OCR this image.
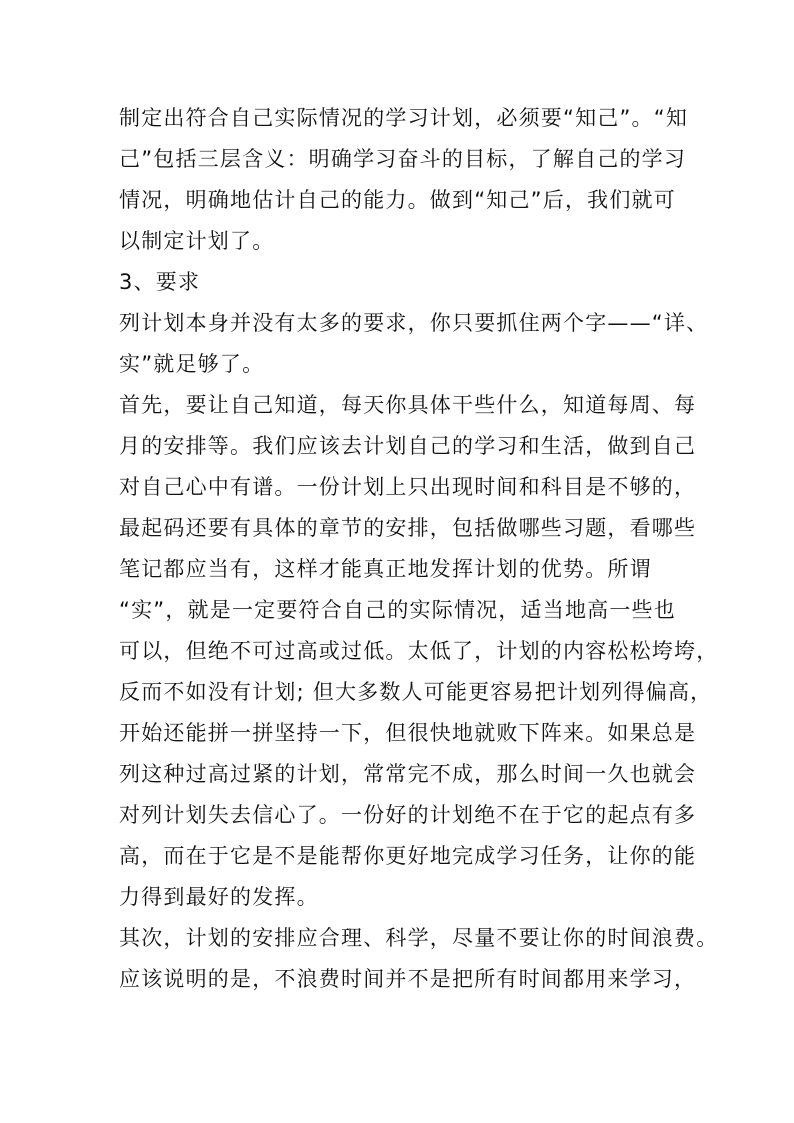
制定出符合自己实际情况的学习计划，必须要“知己”。“知
己”包括三层含义：明确学习奋斗的目标，了解自己的学习
情况，明确地估计自己的能力。做到“知己”后，我们就可
以制定计划了。
3、要求
列计划本身并没有太多的要求，你只要抓住两个字——“详、
实”就足够了。
首先，要让自己知道，每天你具体干些什么，知道每周、每
月的安排等。我们应该去计划自己的学习和生活，做到自己
对自己心中有谱。一份计划上只出现时间和科目是不够的，
最起码还要有具体的章节的安排，包括做哪些习题，看哪些
笔记都应当有，这样才能真正地发挥计划的优势。所谓
“实”，就是一定要符合自己的实际情况，适当地高一些也
可以，但绝不可过高或过低。太低了，计划的内容松松垮垮，
反而不如没有计划; 但大多数人可能更容易把计划列得偏高，
开始还能拼一拼坚持一下，但很快地就败下阵来。如果总是
列这种过高过紧的计划，常常完不成，那么时间一久也就会
对列计划失去信心了。一份好的计划绝不在于它的起点有多
高，而在于它是不是能帮你更好地完成学习任务，让你的能
力得到最好的发挥。
其次，计划的安排应合理、科学，尽量不要让你的时间浪费。
应该说明的是，不浪费时间并不是把所有时间都用来学习，
